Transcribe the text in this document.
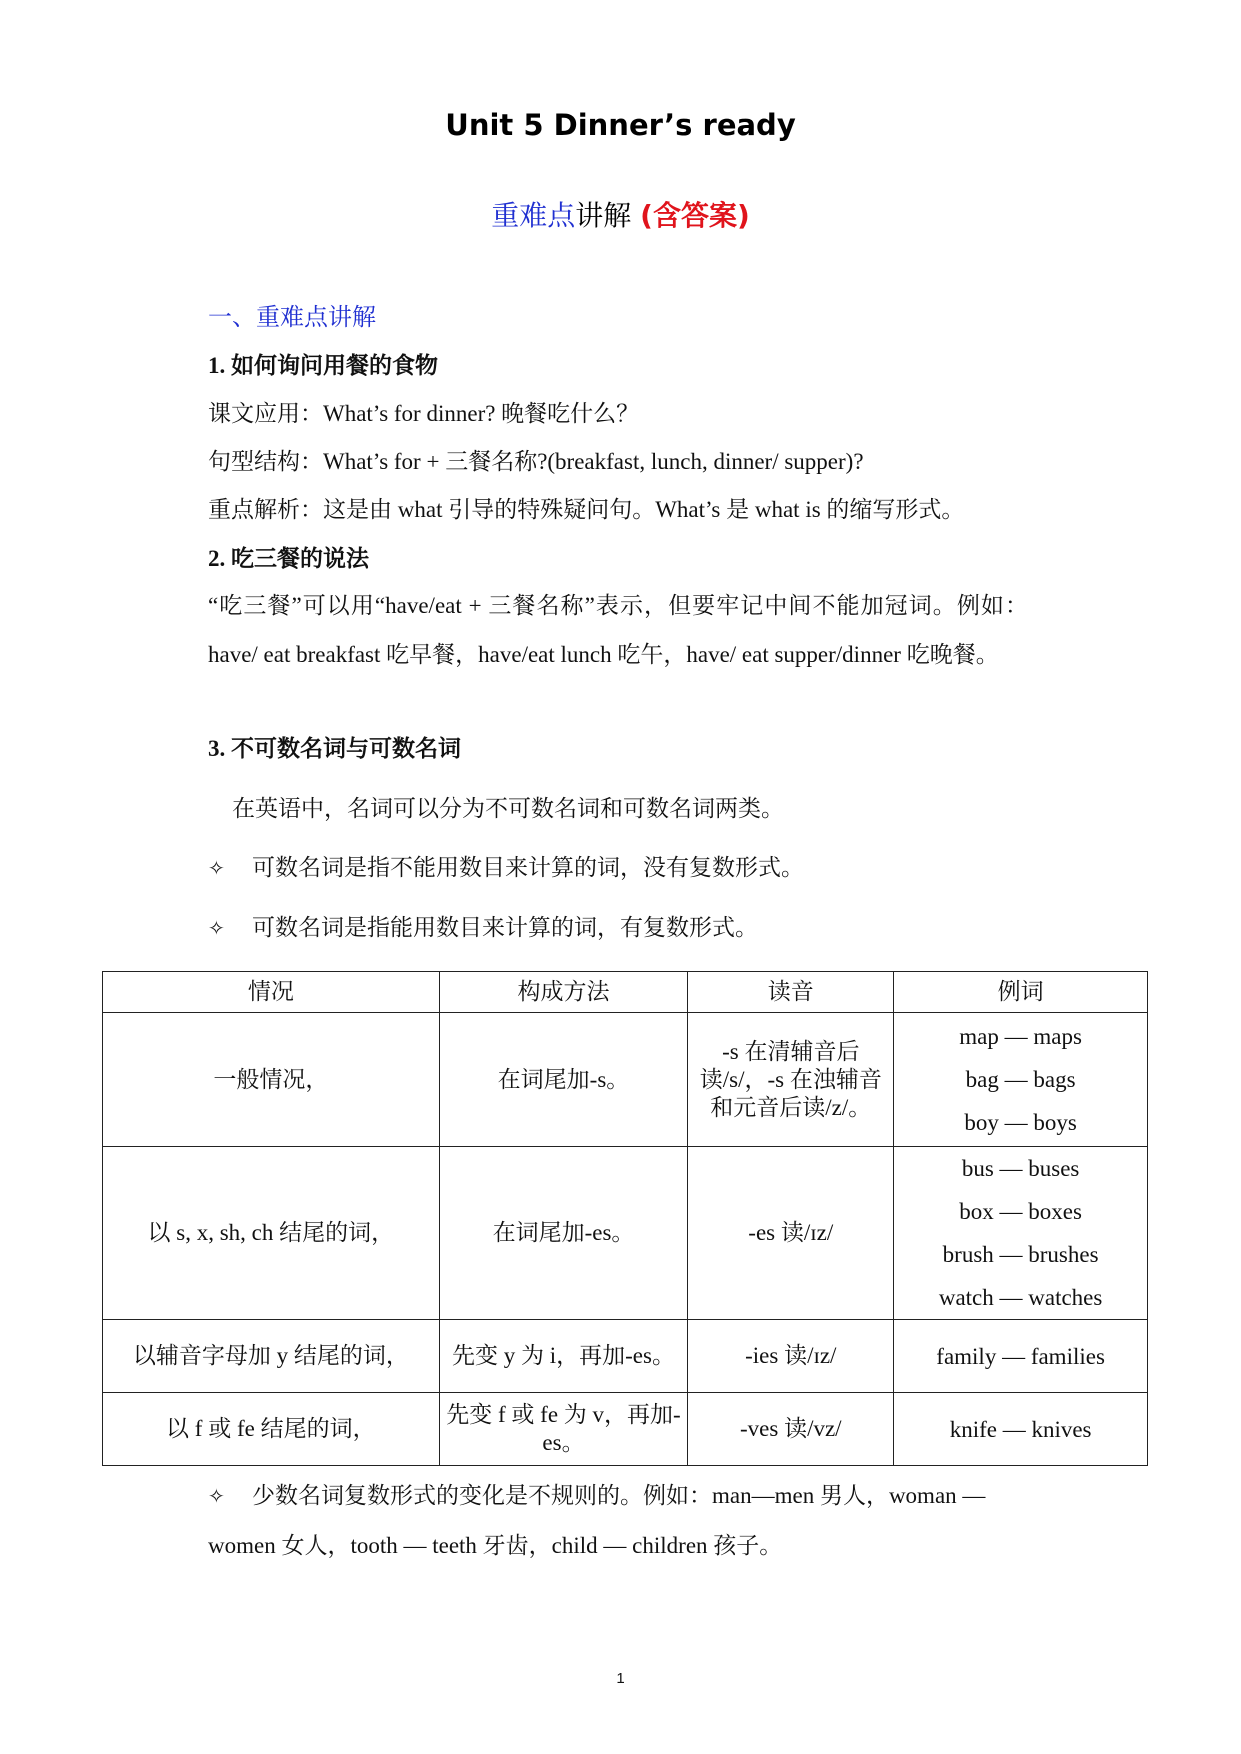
Unit 5 Dinner’s ready
重难点讲解 (含答案)
一、重难点讲解
1. 如何询问用餐的食物
课文应用：What’s for dinner? 晚餐吃什么？
句型结构：What’s for + 三餐名称?(breakfast, lunch, dinner/ supper)?
重点解析：这是由 what 引导的特殊疑问句。What’s 是 what is 的缩写形式。
2. 吃三餐的说法
“吃三餐”可以用“have/eat + 三餐名称”表示，但要牢记中间不能加冠词。例如：have/ eat breakfast 吃早餐，have/eat lunch 吃午，have/ eat supper/dinner 吃晚餐。
3. 不可数名词与可数名词
在英语中，名词可以分为不可数名词和可数名词两类。
✧ 可数名词是指不能用数目来计算的词，没有复数形式。
✧ 可数名词是指能用数目来计算的词，有复数形式。
情况	构成方法	读音	例词
一般情况，	在词尾加-s。	-s 在清辅音后读/s/，-s 在浊辅音和元音后读/z/。	map — maps
bag — bags
boy — boys

以 s, x, sh, ch 结尾的词，	在词尾加-es。	-es 读/ɪz/	bus — buses
box — boxes
brush — brushes
watch — watches

以辅音字母加 y 结尾的词，	先变 y 为 i，再加-es。	-ies 读/ɪz/	family — families

以 f 或 fe 结尾的词，	先变 f 或 fe 为 v，再加-es。	-ves 读/vz/	knife — knives
✧ 少数名词复数形式的变化是不规则的。例如：man—men 男人，woman —women 女人，tooth — teeth 牙齿，child — children 孩子。
1
